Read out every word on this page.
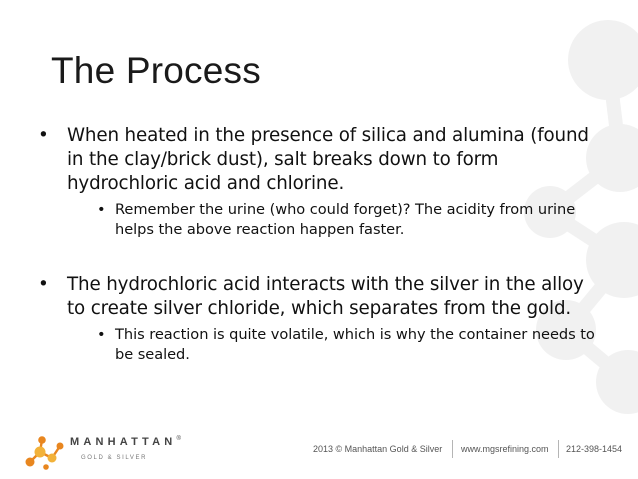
The Process
• When heated in the presence of silica and alumina (found in the clay/brick dust), salt breaks down to form hydrochloric acid and chlorine.
• Remember the urine (who could forget)? The acidity from urine helps the above reaction happen faster.
• The hydrochloric acid interacts with the silver in the alloy to create silver chloride, which separates from the gold.
• This reaction is quite volatile, which is why the container needs to be sealed.
MANHATTAN®
GOLD & SILVER
2013 © Manhattan Gold & Silver www.mgsrefining.com 212-398-1454
